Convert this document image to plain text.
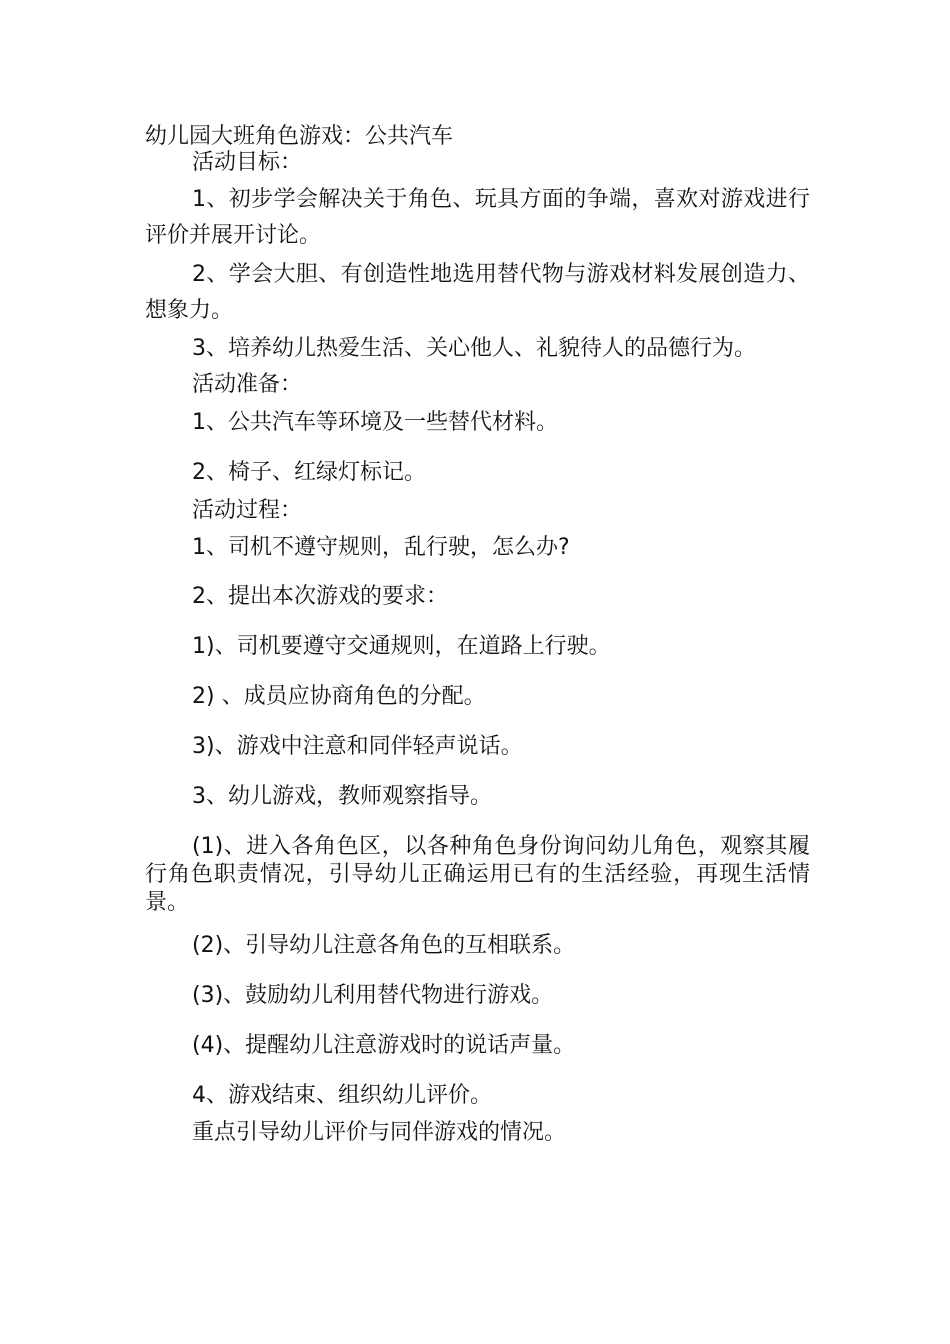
幼儿园大班角色游戏：公共汽车

活动目标：

1、初步学会解决关于角色、玩具方面的争端，喜欢对游戏进行评价并展开讨论。

2、学会大胆、有创造性地选用替代物与游戏材料发展创造力、想象力。

3、培养幼儿热爱生活、关心他人、礼貌待人的品德行为。

活动准备：

1、公共汽车等环境及一些替代材料。

2、椅子、红绿灯标记。

活动过程：

1、司机不遵守规则，乱行驶，怎么办?

2、提出本次游戏的要求：

1)、司机要遵守交通规则，在道路上行驶。

2) 、成员应协商角色的分配。

3)、游戏中注意和同伴轻声说话。

3、幼儿游戏，教师观察指导。

(1)、进入各角色区，以各种角色身份询问幼儿角色，观察其履行角色职责情况，引导幼儿正确运用已有的生活经验，再现生活情景。

(2)、引导幼儿注意各角色的互相联系。

(3)、鼓励幼儿利用替代物进行游戏。

(4)、提醒幼儿注意游戏时的说话声量。

4、游戏结束、组织幼儿评价。

重点引导幼儿评价与同伴游戏的情况。
